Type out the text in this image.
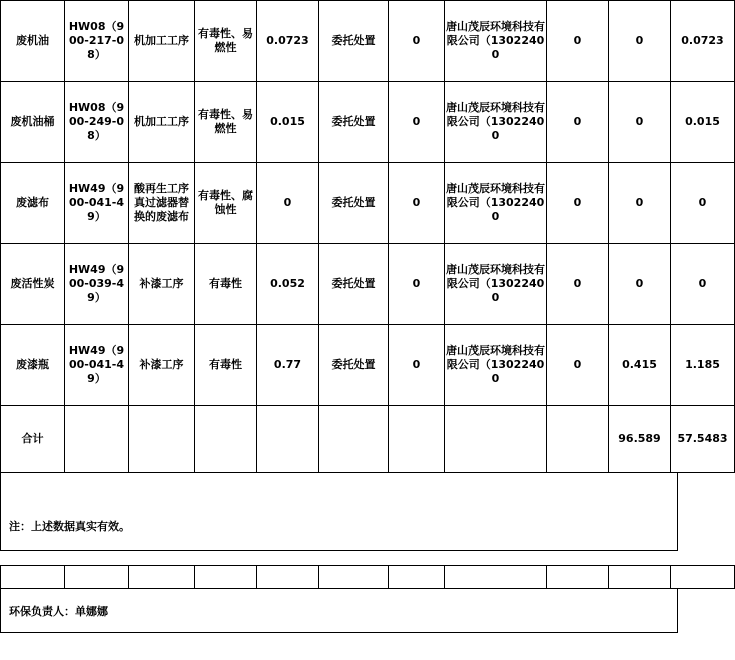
废机油	HW08（900-217-08）	机加工工序	有毒性、易燃性	0.0723	委托处置	0	唐山茂辰环境科技有限公司（13022400	0	0	0.0723
废机油桶	HW08（900-249-08）	机加工工序	有毒性、易燃性	0.015	委托处置	0	唐山茂辰环境科技有限公司（13022400	0	0	0.015
废滤布	HW49（900-041-49）	酸再生工序真过滤器替换的废滤布	有毒性、腐蚀性	0	委托处置	0	唐山茂辰环境科技有限公司（13022400	0	0	0
废活性炭	HW49（900-039-49）	补漆工序	有毒性	0.052	委托处置	0	唐山茂辰环境科技有限公司（13022400	0	0	0
废漆瓶	HW49（900-041-49）	补漆工序	有毒性	0.77	委托处置	0	唐山茂辰环境科技有限公司（13022400	0	0.415	1.185
合计									96.589	57.5483
注：上述数据真实有效。

环保负责人：单娜娜
